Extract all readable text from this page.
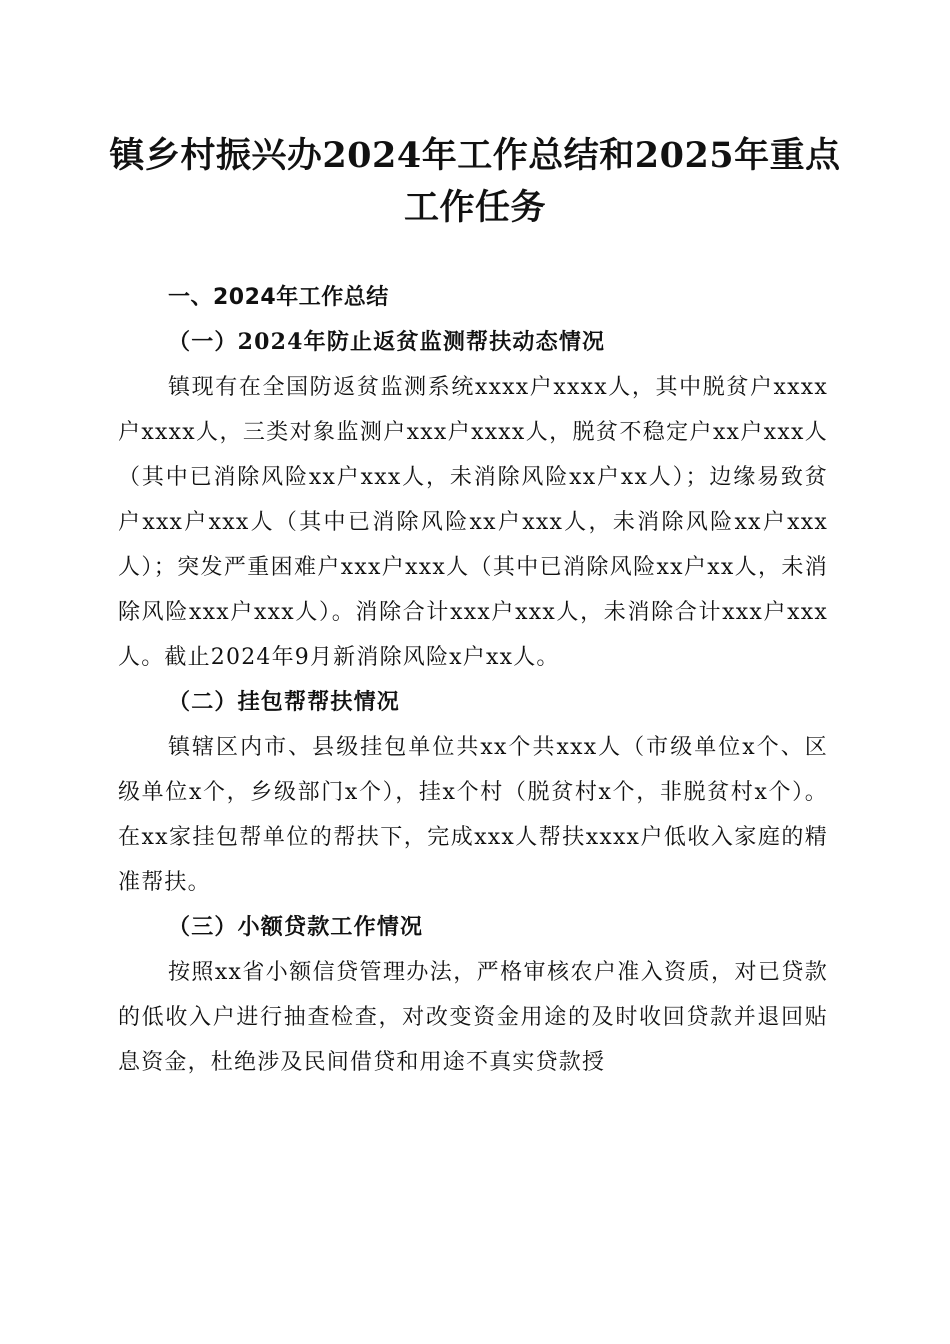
镇乡村振兴办2024年工作总结和2025年重点
工作任务

一、2024年工作总结

（一）2024年防止返贫监测帮扶动态情况

镇现有在全国防返贫监测系统xxxx户xxxx人，其中脱贫户xxxx户xxxx人，三类对象监测户xxx户xxxx人，脱贫不稳定户xx户xxx人（其中已消除风险xx户xxx人，未消除风险xx户xx人）；边缘易致贫户xxx户xxx人（其中已消除风险xx户xxx人，未消除风险xx户xxx人）；突发严重困难户xxx户xxx人（其中已消除风险xx户xx人，未消除风险xxx户xxx人）。消除合计xxx户xxx人，未消除合计xxx户xxx人。截止2024年9月新消除风险x户xx人。

（二）挂包帮帮扶情况

镇辖区内市、县级挂包单位共xx个共xxx人（市级单位x个、区级单位x个，乡级部门x个），挂x个村（脱贫村x个，非脱贫村x个）。在xx家挂包帮单位的帮扶下，完成xxx人帮扶xxxx户低收入家庭的精准帮扶。

（三）小额贷款工作情况

按照xx省小额信贷管理办法，严格审核农户准入资质，对已贷款的低收入户进行抽查检查，对改变资金用途的及时收回贷款并退回贴息资金，杜绝涉及民间借贷和用途不真实贷款授
